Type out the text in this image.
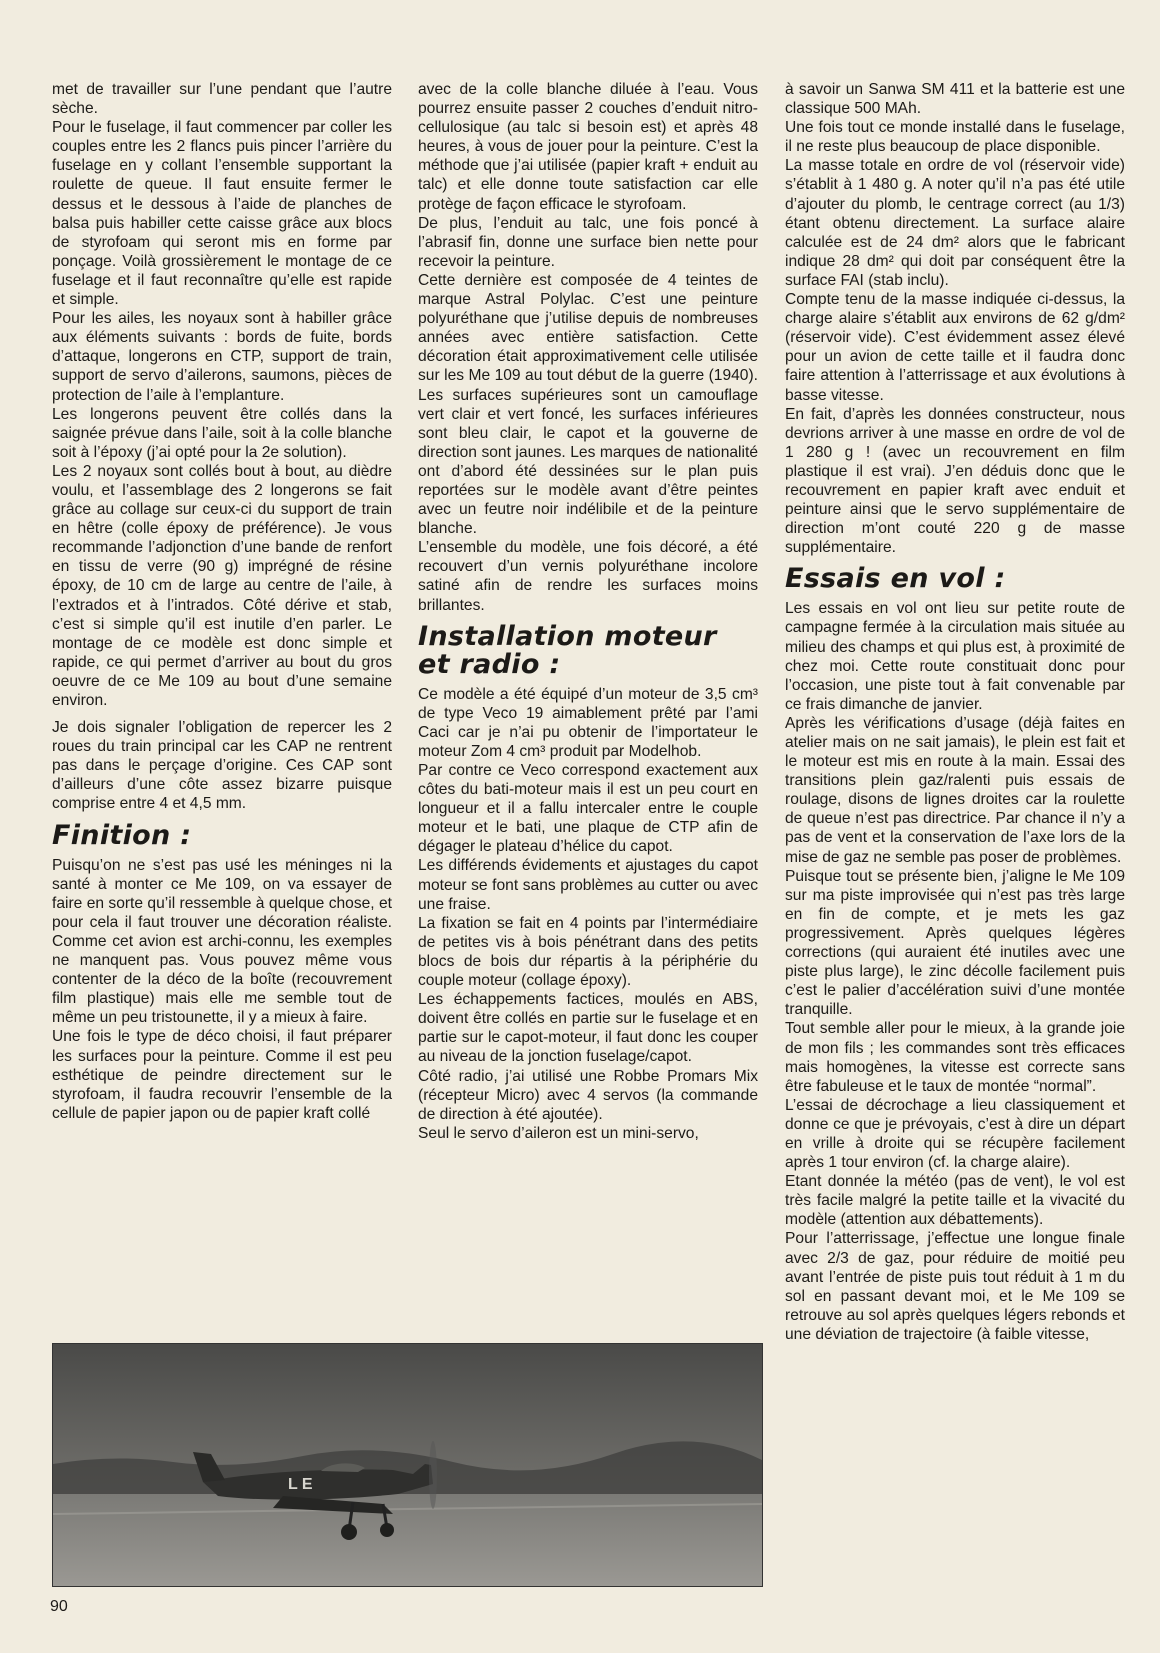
met de travailler sur l’une pendant que l’autre sèche.

Pour le fuselage, il faut commencer par coller les couples entre les 2 flancs puis pincer l’arrière du fuselage en y collant l’ensemble supportant la roulette de queue. Il faut ensuite fermer le dessus et le dessous à l’aide de planches de balsa puis habiller cette caisse grâce aux blocs de styrofoam qui seront mis en forme par ponçage. Voilà grossièrement le montage de ce fuselage et il faut reconnaître qu’elle est rapide et simple.

Pour les ailes, les noyaux sont à habiller grâce aux éléments suivants : bords de fuite, bords d’attaque, longerons en CTP, support de train, support de servo d’ailerons, saumons, pièces de protection de l’aile à l’emplanture.

Les longerons peuvent être collés dans la saignée prévue dans l’aile, soit à la colle blanche soit à l’époxy (j’ai opté pour la 2e solution).

Les 2 noyaux sont collés bout à bout, au dièdre voulu, et l’assemblage des 2 longerons se fait grâce au collage sur ceux-ci du support de train en hêtre (colle époxy de préférence). Je vous recommande l’adjonction d’une bande de renfort en tissu de verre (90 g) imprégné de résine époxy, de 10 cm de large au centre de l’aile, à l’extrados et à l’intrados. Côté dérive et stab, c’est si simple qu’il est inutile d’en parler. Le montage de ce modèle est donc simple et rapide, ce qui permet d’arriver au bout du gros oeuvre de ce Me 109 au bout d’une semaine environ.

Je dois signaler l’obligation de repercer les 2 roues du train principal car les CAP ne rentrent pas dans le perçage d’origine. Ces CAP sont d’ailleurs d’une côte assez bizarre puisque comprise entre 4 et 4,5 mm.

Finition :

Puisqu’on ne s’est pas usé les méninges ni la santé à monter ce Me 109, on va essayer de faire en sorte qu’il ressemble à quelque chose, et pour cela il faut trouver une décoration réaliste. Comme cet avion est archi-connu, les exemples ne manquent pas. Vous pouvez même vous contenter de la déco de la boîte (recouvrement film plastique) mais elle me semble tout de même un peu tristounette, il y a mieux à faire.

Une fois le type de déco choisi, il faut préparer les surfaces pour la peinture. Comme il est peu esthétique de peindre directement sur le styrofoam, il faudra recouvrir l’ensemble de la cellule de papier japon ou de papier kraft collé

avec de la colle blanche diluée à l’eau. Vous pourrez ensuite passer 2 couches d’enduit nitro-cellulosique (au talc si besoin est) et après 48 heures, à vous de jouer pour la peinture. C’est la méthode que j’ai utilisée (papier kraft + enduit au talc) et elle donne toute satisfaction car elle protège de façon efficace le styrofoam.

De plus, l’enduit au talc, une fois poncé à l’abrasif fin, donne une surface bien nette pour recevoir la peinture.

Cette dernière est composée de 4 teintes de marque Astral Polylac. C’est une peinture polyuréthane que j’utilise depuis de nombreuses années avec entière satisfaction. Cette décoration était approximativement celle utilisée sur les Me 109 au tout début de la guerre (1940). Les surfaces supérieures sont un camouflage vert clair et vert foncé, les surfaces inférieures sont bleu clair, le capot et la gouverne de direction sont jaunes. Les marques de nationalité ont d’abord été dessinées sur le plan puis reportées sur le modèle avant d’être peintes avec un feutre noir indélibile et de la peinture blanche.

L’ensemble du modèle, une fois décoré, a été recouvert d’un vernis polyuréthane incolore satiné afin de rendre les surfaces moins brillantes.

Installation moteur et radio :

Ce modèle a été équipé d’un moteur de 3,5 cm³ de type Veco 19 aimablement prêté par l’ami Caci car je n’ai pu obtenir de l’importateur le moteur Zom 4 cm³ produit par Modelhob.

Par contre ce Veco correspond exactement aux côtes du bati-moteur mais il est un peu court en longueur et il a fallu intercaler entre le couple moteur et le bati, une plaque de CTP afin de dégager le plateau d’hélice du capot.

Les différends évidements et ajustages du capot moteur se font sans problèmes au cutter ou avec une fraise.

La fixation se fait en 4 points par l’intermédiaire de petites vis à bois pénétrant dans des petits blocs de bois dur répartis à la périphérie du couple moteur (collage époxy).

Les échappements factices, moulés en ABS, doivent être collés en partie sur le fuselage et en partie sur le capot-moteur, il faut donc les couper au niveau de la jonction fuselage/capot.

Côté radio, j’ai utilisé une Robbe Promars Mix (récepteur Micro) avec 4 servos (la commande de direction à été ajoutée).

Seul le servo d’aileron est un mini-servo,

à savoir un Sanwa SM 411 et la batterie est une classique 500 MAh.

Une fois tout ce monde installé dans le fuselage, il ne reste plus beaucoup de place disponible.

La masse totale en ordre de vol (réservoir vide) s’établit à 1 480 g. A noter qu’il n’a pas été utile d’ajouter du plomb, le centrage correct (au 1/3) étant obtenu directement. La surface alaire calculée est de 24 dm² alors que le fabricant indique 28 dm² qui doit par conséquent être la surface FAI (stab inclu).

Compte tenu de la masse indiquée ci-dessus, la charge alaire s’établit aux environs de 62 g/dm² (réservoir vide). C’est évidemment assez élevé pour un avion de cette taille et il faudra donc faire attention à l’atterrissage et aux évolutions à basse vitesse.

En fait, d’après les données constructeur, nous devrions arriver à une masse en ordre de vol de 1 280 g ! (avec un recouvrement en film plastique il est vrai). J’en déduis donc que le recouvrement en papier kraft avec enduit et peinture ainsi que le servo supplémentaire de direction m’ont couté 220 g de masse supplémentaire.

Essais en vol :

Les essais en vol ont lieu sur petite route de campagne fermée à la circulation mais située au milieu des champs et qui plus est, à proximité de chez moi. Cette route constituait donc pour l’occasion, une piste tout à fait convenable par ce frais dimanche de janvier.

Après les vérifications d’usage (déjà faites en atelier mais on ne sait jamais), le plein est fait et le moteur est mis en route à la main. Essai des transitions plein gaz/ralenti puis essais de roulage, disons de lignes droites car la roulette de queue n’est pas directrice. Par chance il n’y a pas de vent et la conservation de l’axe lors de la mise de gaz ne semble pas poser de problèmes.

Puisque tout se présente bien, j’aligne le Me 109 sur ma piste improvisée qui n’est pas très large en fin de compte, et je mets les gaz progressivement. Après quelques légères corrections (qui auraient été inutiles avec une piste plus large), le zinc décolle facilement puis c’est le palier d’accélération suivi d’une montée tranquille.

Tout semble aller pour le mieux, à la grande joie de mon fils ; les commandes sont très efficaces mais homogènes, la vitesse est correcte sans être fabuleuse et le taux de montée “normal”.

L’essai de décrochage a lieu classiquement et donne ce que je prévoyais, c’est à dire un départ en vrille à droite qui se récupère facilement après 1 tour environ (cf. la charge alaire).

Etant donnée la météo (pas de vent), le vol est très facile malgré la petite taille et la vivacité du modèle (attention aux débattements).

Pour l’atterrissage, j’effectue une longue finale avec 2/3 de gaz, pour réduire de moitié peu avant l’entrée de piste puis tout réduit à 1 m du sol en passant devant moi, et le Me 109 se retrouve au sol après quelques légers rebonds et une déviation de trajectoire (à faible vitesse,

L E
90
